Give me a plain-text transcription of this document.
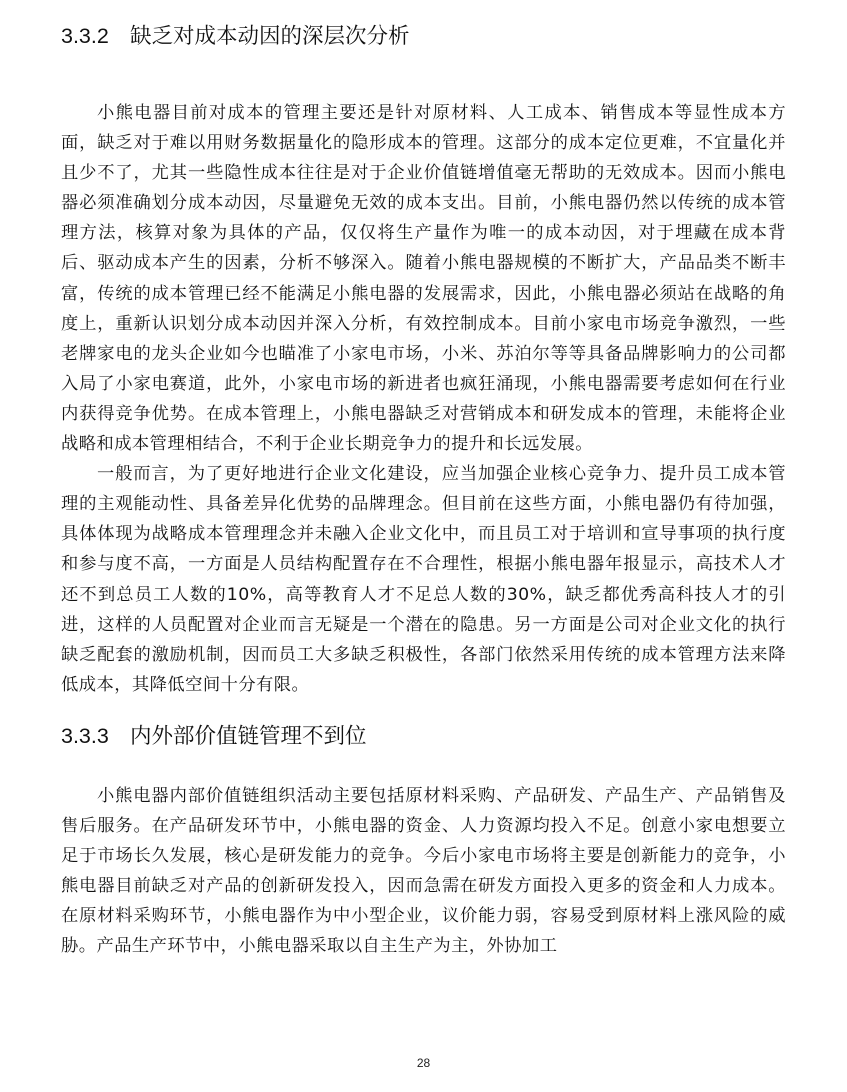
3.3.2 缺乏对成本动因的深层次分析

小熊电器目前对成本的管理主要还是针对原材料、人工成本、销售成本等显性成本方面，缺乏对于难以用财务数据量化的隐形成本的管理。这部分的成本定位更难，不宜量化并且少不了，尤其一些隐性成本往往是对于企业价值链增值毫无帮助的无效成本。因而小熊电器必须准确划分成本动因，尽量避免无效的成本支出。目前，小熊电器仍然以传统的成本管理方法，核算对象为具体的产品，仅仅将生产量作为唯一的成本动因，对于埋藏在成本背后、驱动成本产生的因素，分析不够深入。随着小熊电器规模的不断扩大，产品品类不断丰富，传统的成本管理已经不能满足小熊电器的发展需求，因此，小熊电器必须站在战略的角度上，重新认识划分成本动因并深入分析，有效控制成本。目前小家电市场竞争激烈，一些老牌家电的龙头企业如今也瞄准了小家电市场，小米、苏泊尔等等具备品牌影响力的公司都入局了小家电赛道，此外，小家电市场的新进者也疯狂涌现，小熊电器需要考虑如何在行业内获得竞争优势。在成本管理上，小熊电器缺乏对营销成本和研发成本的管理，未能将企业战略和成本管理相结合，不利于企业长期竞争力的提升和长远发展。

一般而言，为了更好地进行企业文化建设，应当加强企业核心竞争力、提升员工成本管理的主观能动性、具备差异化优势的品牌理念。但目前在这些方面，小熊电器仍有待加强，具体体现为战略成本管理理念并未融入企业文化中，而且员工对于培训和宣导事项的执行度和参与度不高，一方面是人员结构配置存在不合理性，根据小熊电器年报显示，高技术人才还不到总员工人数的10%，高等教育人才不足总人数的30%，缺乏都优秀高科技人才的引进，这样的人员配置对企业而言无疑是一个潜在的隐患。另一方面是公司对企业文化的执行缺乏配套的激励机制，因而员工大多缺乏积极性，各部门依然采用传统的成本管理方法来降低成本，其降低空间十分有限。

3.3.3 内外部价值链管理不到位

小熊电器内部价值链组织活动主要包括原材料采购、产品研发、产品生产、产品销售及售后服务。在产品研发环节中，小熊电器的资金、人力资源均投入不足。创意小家电想要立足于市场长久发展，核心是研发能力的竞争。今后小家电市场将主要是创新能力的竞争，小熊电器目前缺乏对产品的创新研发投入，因而急需在研发方面投入更多的资金和人力成本。在原材料采购环节，小熊电器作为中小型企业，议价能力弱，容易受到原材料上涨风险的威胁。产品生产环节中，小熊电器采取以自主生产为主，外协加工

28
